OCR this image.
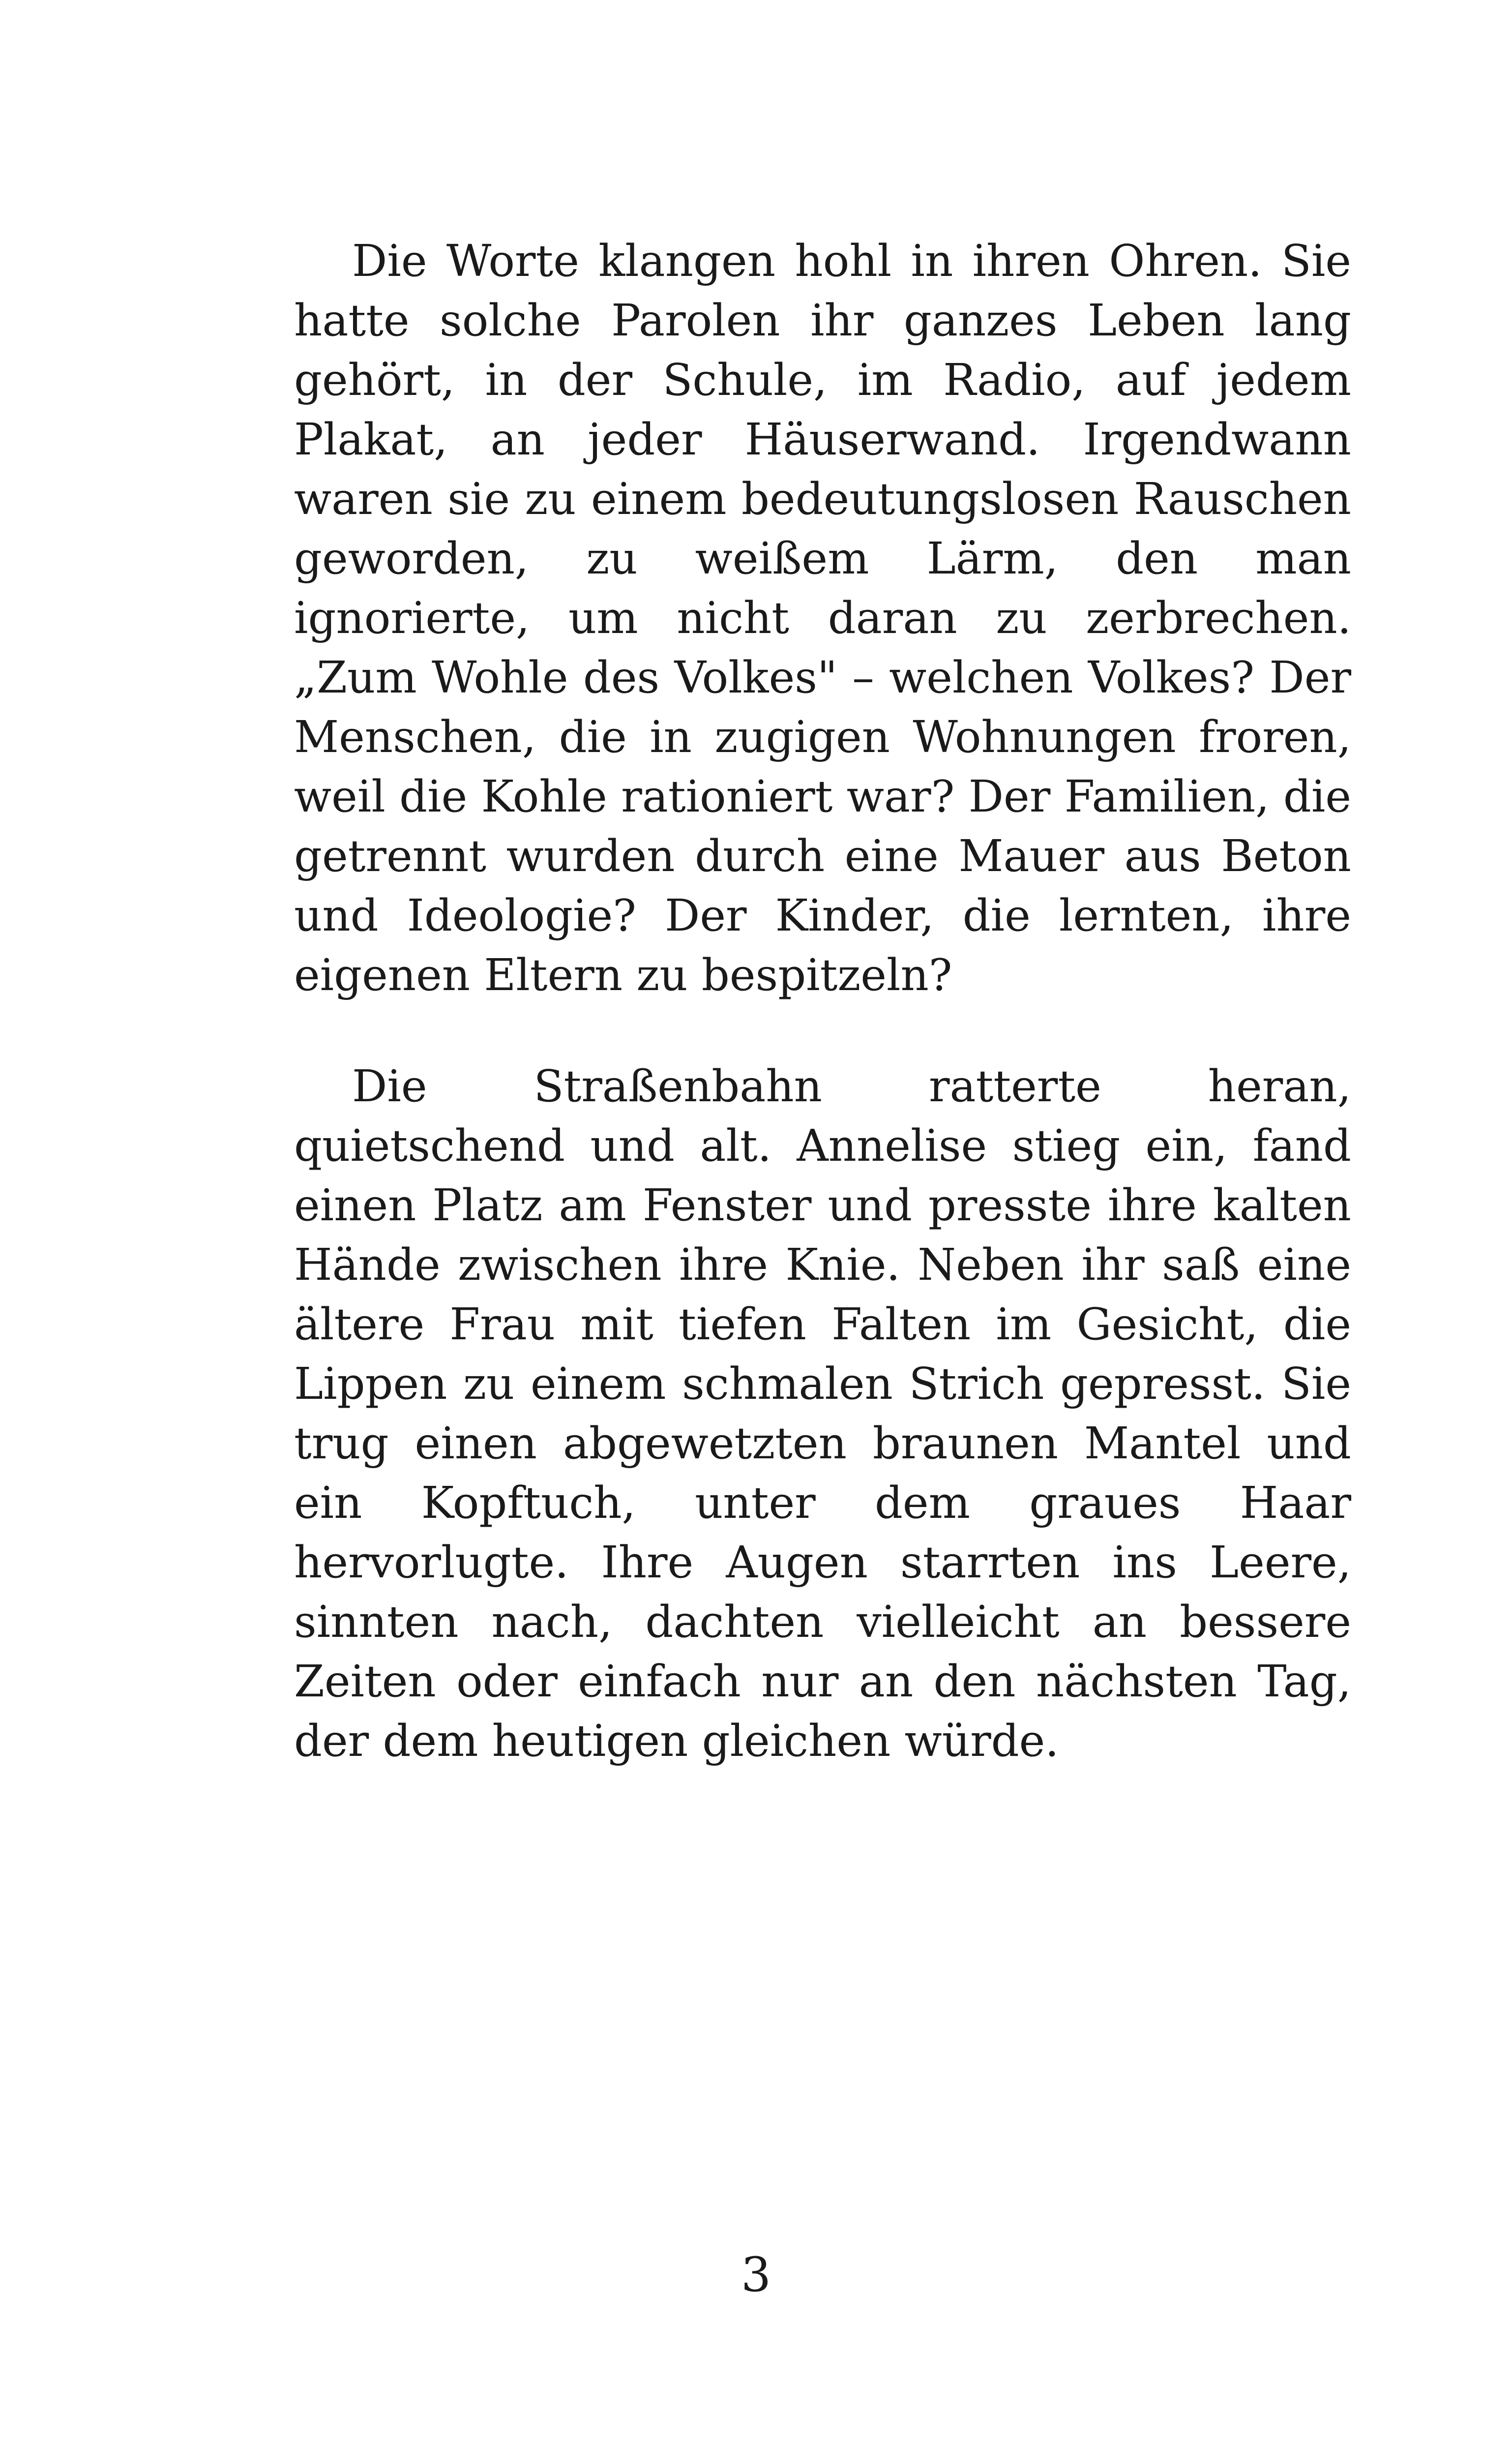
Die Worte klangen hohl in ihren Ohren. Sie hatte solche Parolen ihr ganzes Leben lang gehört, in der Schule, im Radio, auf jedem Plakat, an jeder Häuserwand. Irgendwann waren sie zu einem bedeutungslosen Rauschen geworden, zu weißem Lärm, den man ignorierte, um nicht daran zu zerbrechen. „Zum Wohle des Volkes" – welchen Volkes? Der Menschen, die in zugigen Wohnungen froren, weil die Kohle rationiert war? Der Familien, die getrennt wurden durch eine Mauer aus Beton und Ideologie? Der Kinder, die lernten, ihre eigenen Eltern zu bespitzeln?

Die Straßenbahn ratterte heran, quietschend und alt. Annelise stieg ein, fand einen Platz am Fenster und presste ihre kalten Hände zwischen ihre Knie. Neben ihr saß eine ältere Frau mit tiefen Falten im Gesicht, die Lippen zu einem schmalen Strich gepresst. Sie trug einen abgewetzten braunen Mantel und ein Kopftuch, unter dem graues Haar hervorlugte. Ihre Augen starrten ins Leere, sinnten nach, dachten vielleicht an bessere Zeiten oder einfach nur an den nächsten Tag, der dem heutigen gleichen würde.

3
